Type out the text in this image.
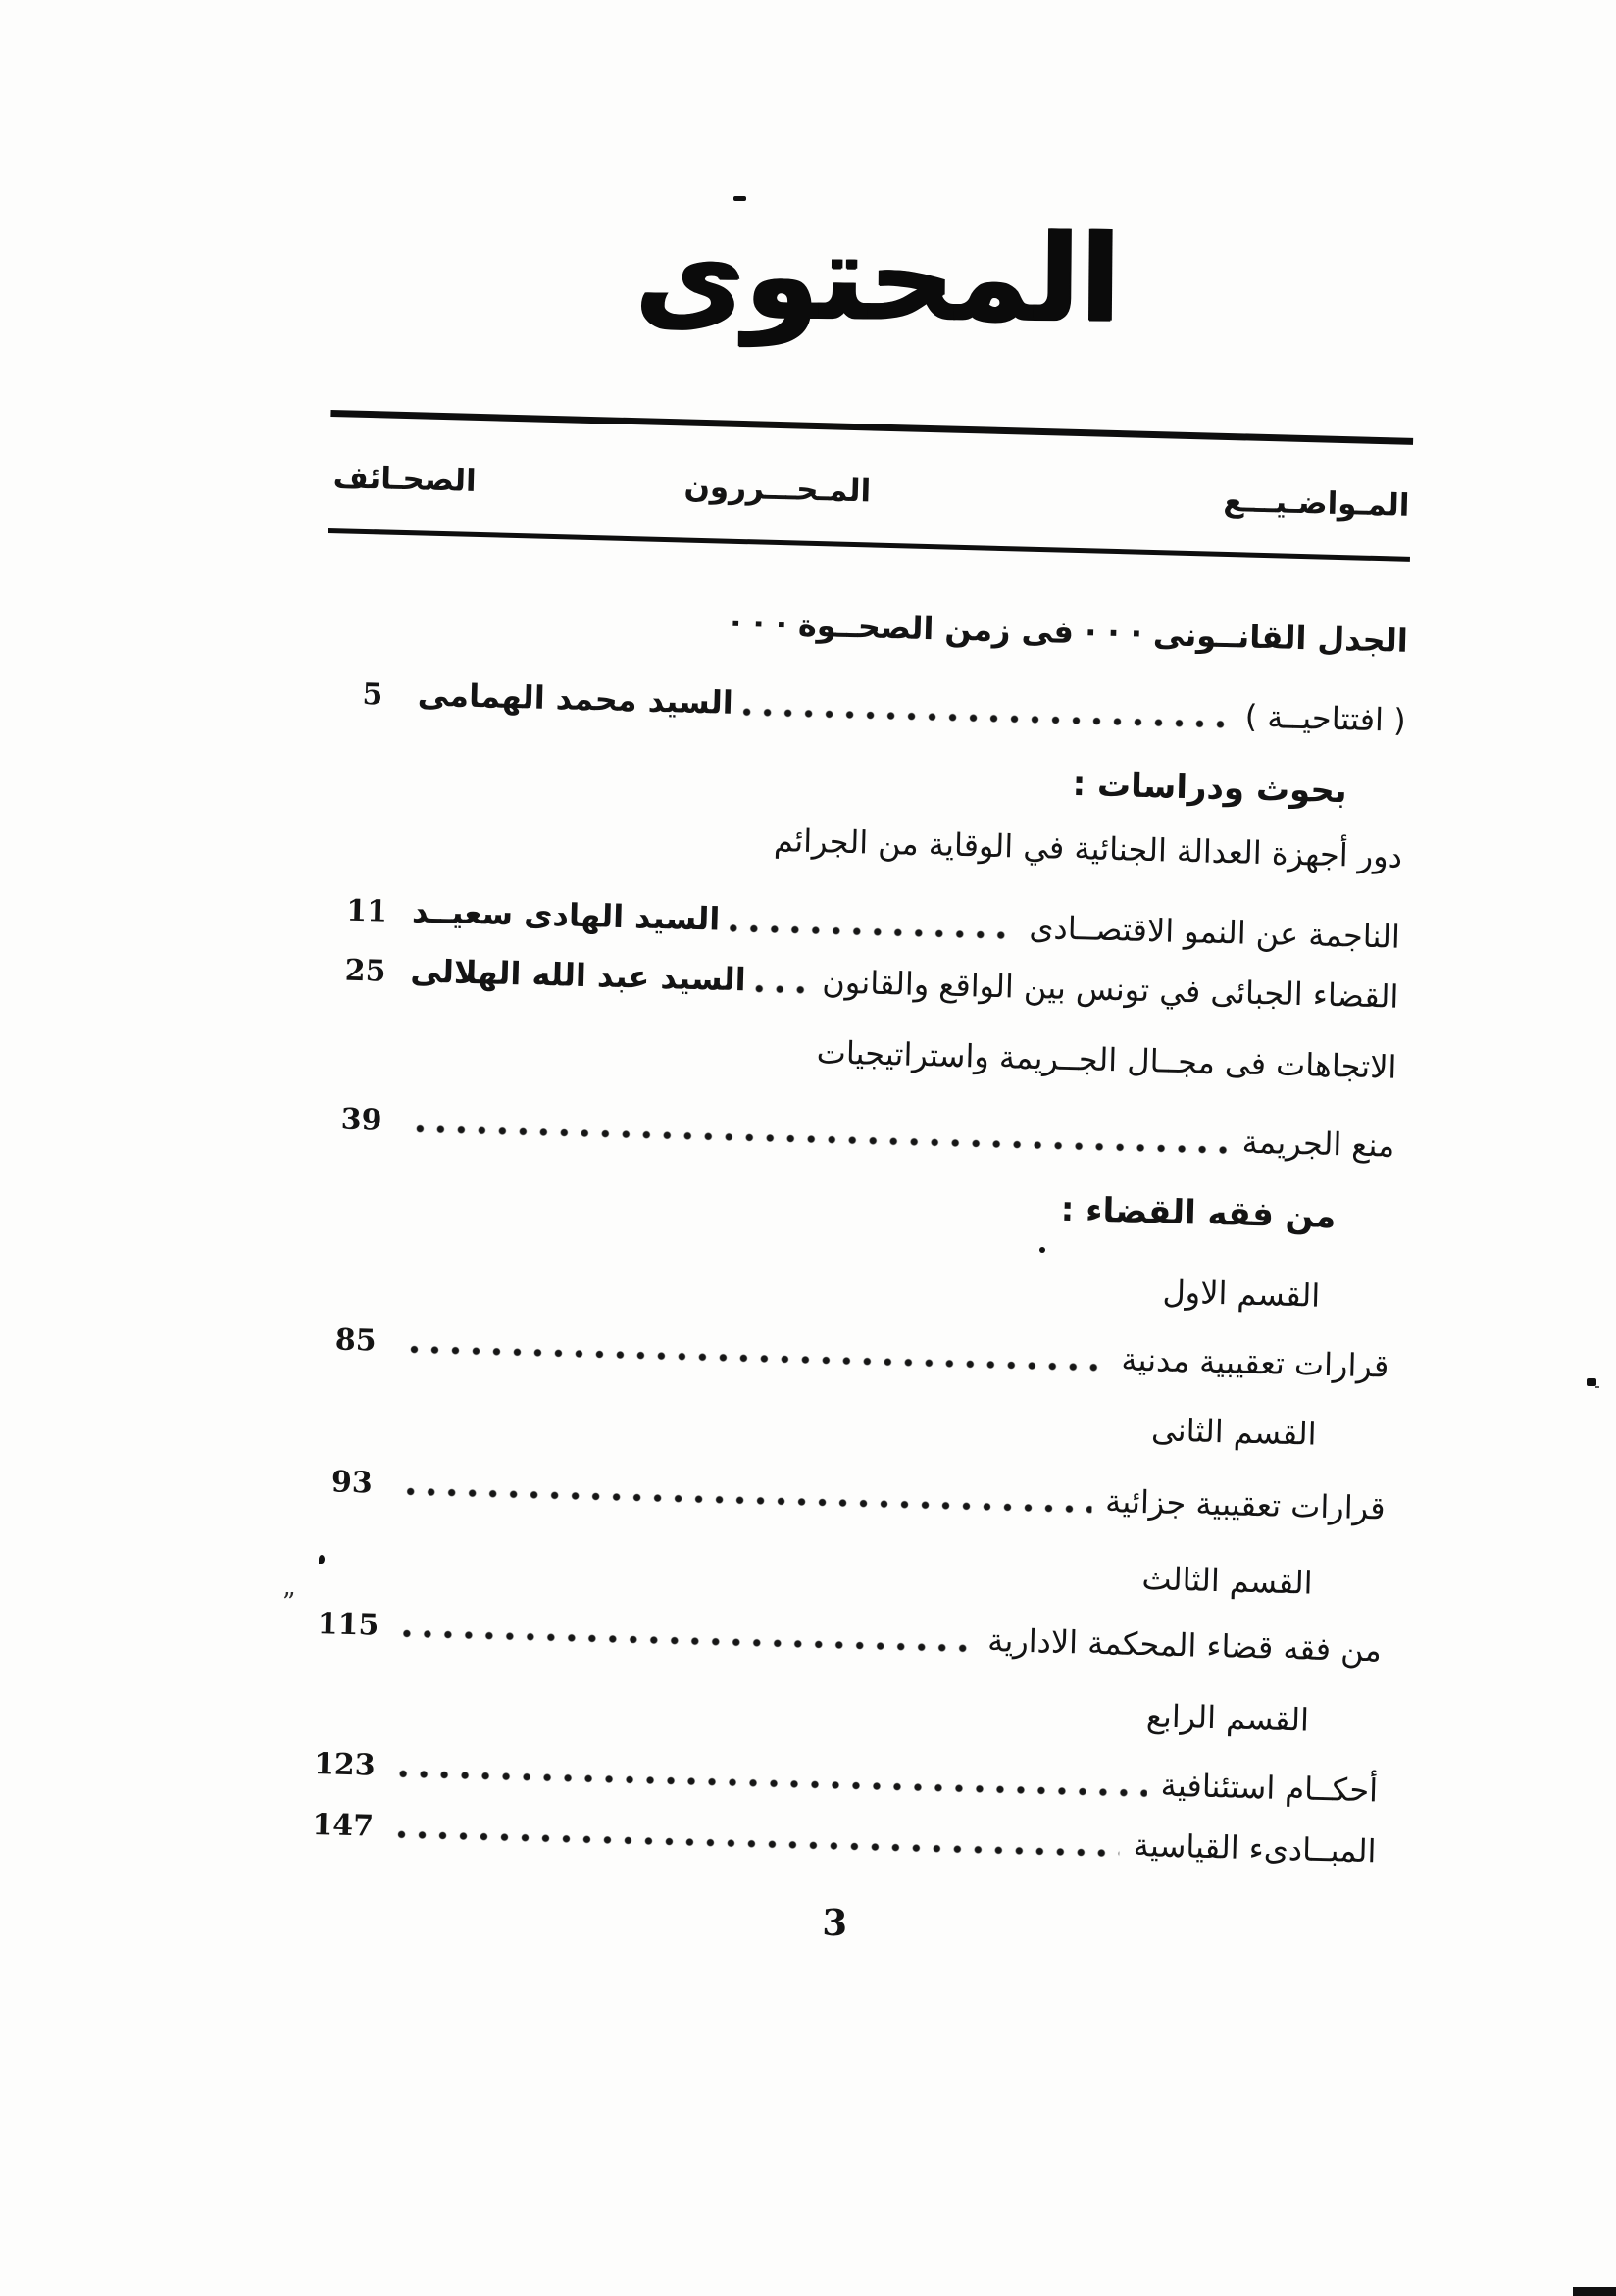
المحتوى
الصحـائف	المـحـــررون	المـواضـيـــع
الجدل القانــونى · · · فى زمن الصحــوة · · ·
( افتتاحيــة )
السيد محمد الهمامى
5
بحوث ودراسات :
دور أجهزة العدالة الجنائية في الوقاية من الجرائم
الناجمة عن النمو الاقتصــادى
السيد الهادى سعيــد
11
القضاء الجبائى في تونس بين الواقع والقانون
السيد عبد الله الهلالى
25
الاتجاهات فى مجــال الجــريمة واستراتيجيات
منع الجريمة
39
من فقه القضاء :
القسم الاول
قرارات تعقيبية مدنية
85
القسم الثانى
قرارات تعقيبية جزائية
93
القسم الثالث
من فقه قضاء المحكمة الادارية
115
القسم الرابع
أحكــام استئنافية
123
المبــادىء القياسية
147
3
”
